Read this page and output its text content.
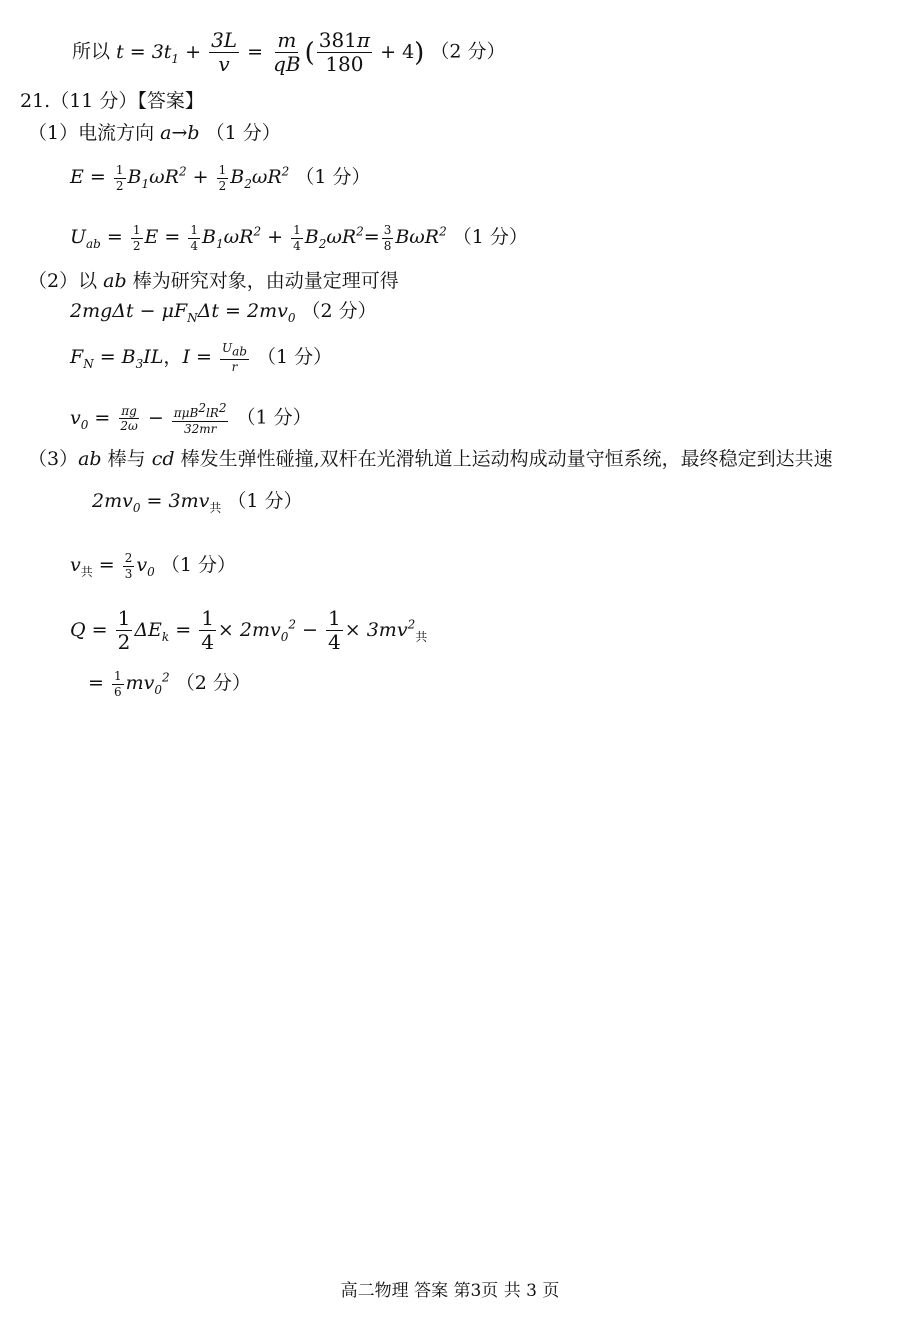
所以 $t = 3t_1 + \frac{3L}{v} = \frac{m}{qB}$ ( $\frac{381\pi}{180} + 4$) （2 分）
21.（11 分）【答案】
（1）电流方向 a→b （1 分）
$E = \frac{1}{2} B_1\omega R^2 + \frac{1}{2} B_2\omega R^2$ （1 分）
$U_{ab} = \frac{1}{2}$ $E = \frac{1}{4} B_1\omega R^2 + \frac{1}{4} B_2\omega R^2= \frac{3}{8} B\omega R^2$ （1 分）
（2）以 ab 棒为研究对象，由动量定理可得
$2mg\Delta t - \mu F_N\Delta t = 2mv_0$ （2 分）
$F_N = B_3IL$，$I = \frac{U_{ab}}{r} (1$ 分）
$v_0 = \frac{\pi g}{2\omega} - \frac{\pi\mu B^2lR^2}{32mr} (1$ 分）
（3）ab 棒与 cd 棒发生弹性碰撞,双杆在光滑轨道上运动构成动量守恒系统，最终稳定到达共速
$2mv_0 = 3mv_共$ （1 分）
$v_共 = \frac{2}{3} v_0$ （1 分）
$Q = \frac{1}{2} \Delta E_k = \frac{1}{4} \times 2mv_0^2 - \frac{1}{4} \times 3mv^2_共$
= $\frac{1}{6} mv_0^2$ （2 分）
高二物理 答案 第3页 共 3 页
